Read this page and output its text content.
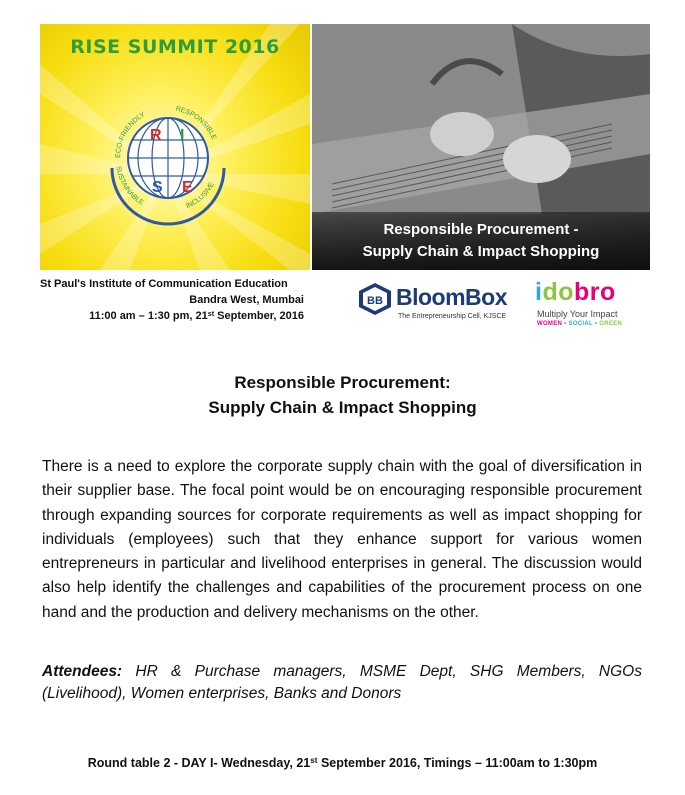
RISE SUMMIT 2016
R I
S E
ECO-FRIENDLY
RESPONSIBLE
INCLUSIVE
SUSTAINABLE
Responsible Procurement -
Supply Chain & Impact Shopping
St Paul's Institute of Communication Education
Bandra West, Mumbai
11:00 am – 1:30 pm, 21st September, 2016
BB BloomBox
The Entrepreneurship Cell, KJSCE
idobro
Multiply Your Impact
WOMEN • SOCIAL • GREEN
Responsible Procurement:
Supply Chain & Impact Shopping

There is a need to explore the corporate supply chain with the goal of diversification in their supplier base. The focal point would be on encouraging responsible procurement through expanding sources for corporate requirements as well as impact shopping for individuals (employees) such that they enhance support for various women entrepreneurs in particular and livelihood enterprises in general. The discussion would also help identify the challenges and capabilities of the procurement process on one hand and the production and delivery mechanisms on the other.

Attendees: HR & Purchase managers, MSME Dept, SHG Members, NGOs (Livelihood), Women enterprises, Banks and Donors

Round table 2 - DAY I- Wednesday, 21st September 2016, Timings – 11:00am to 1:30pm
